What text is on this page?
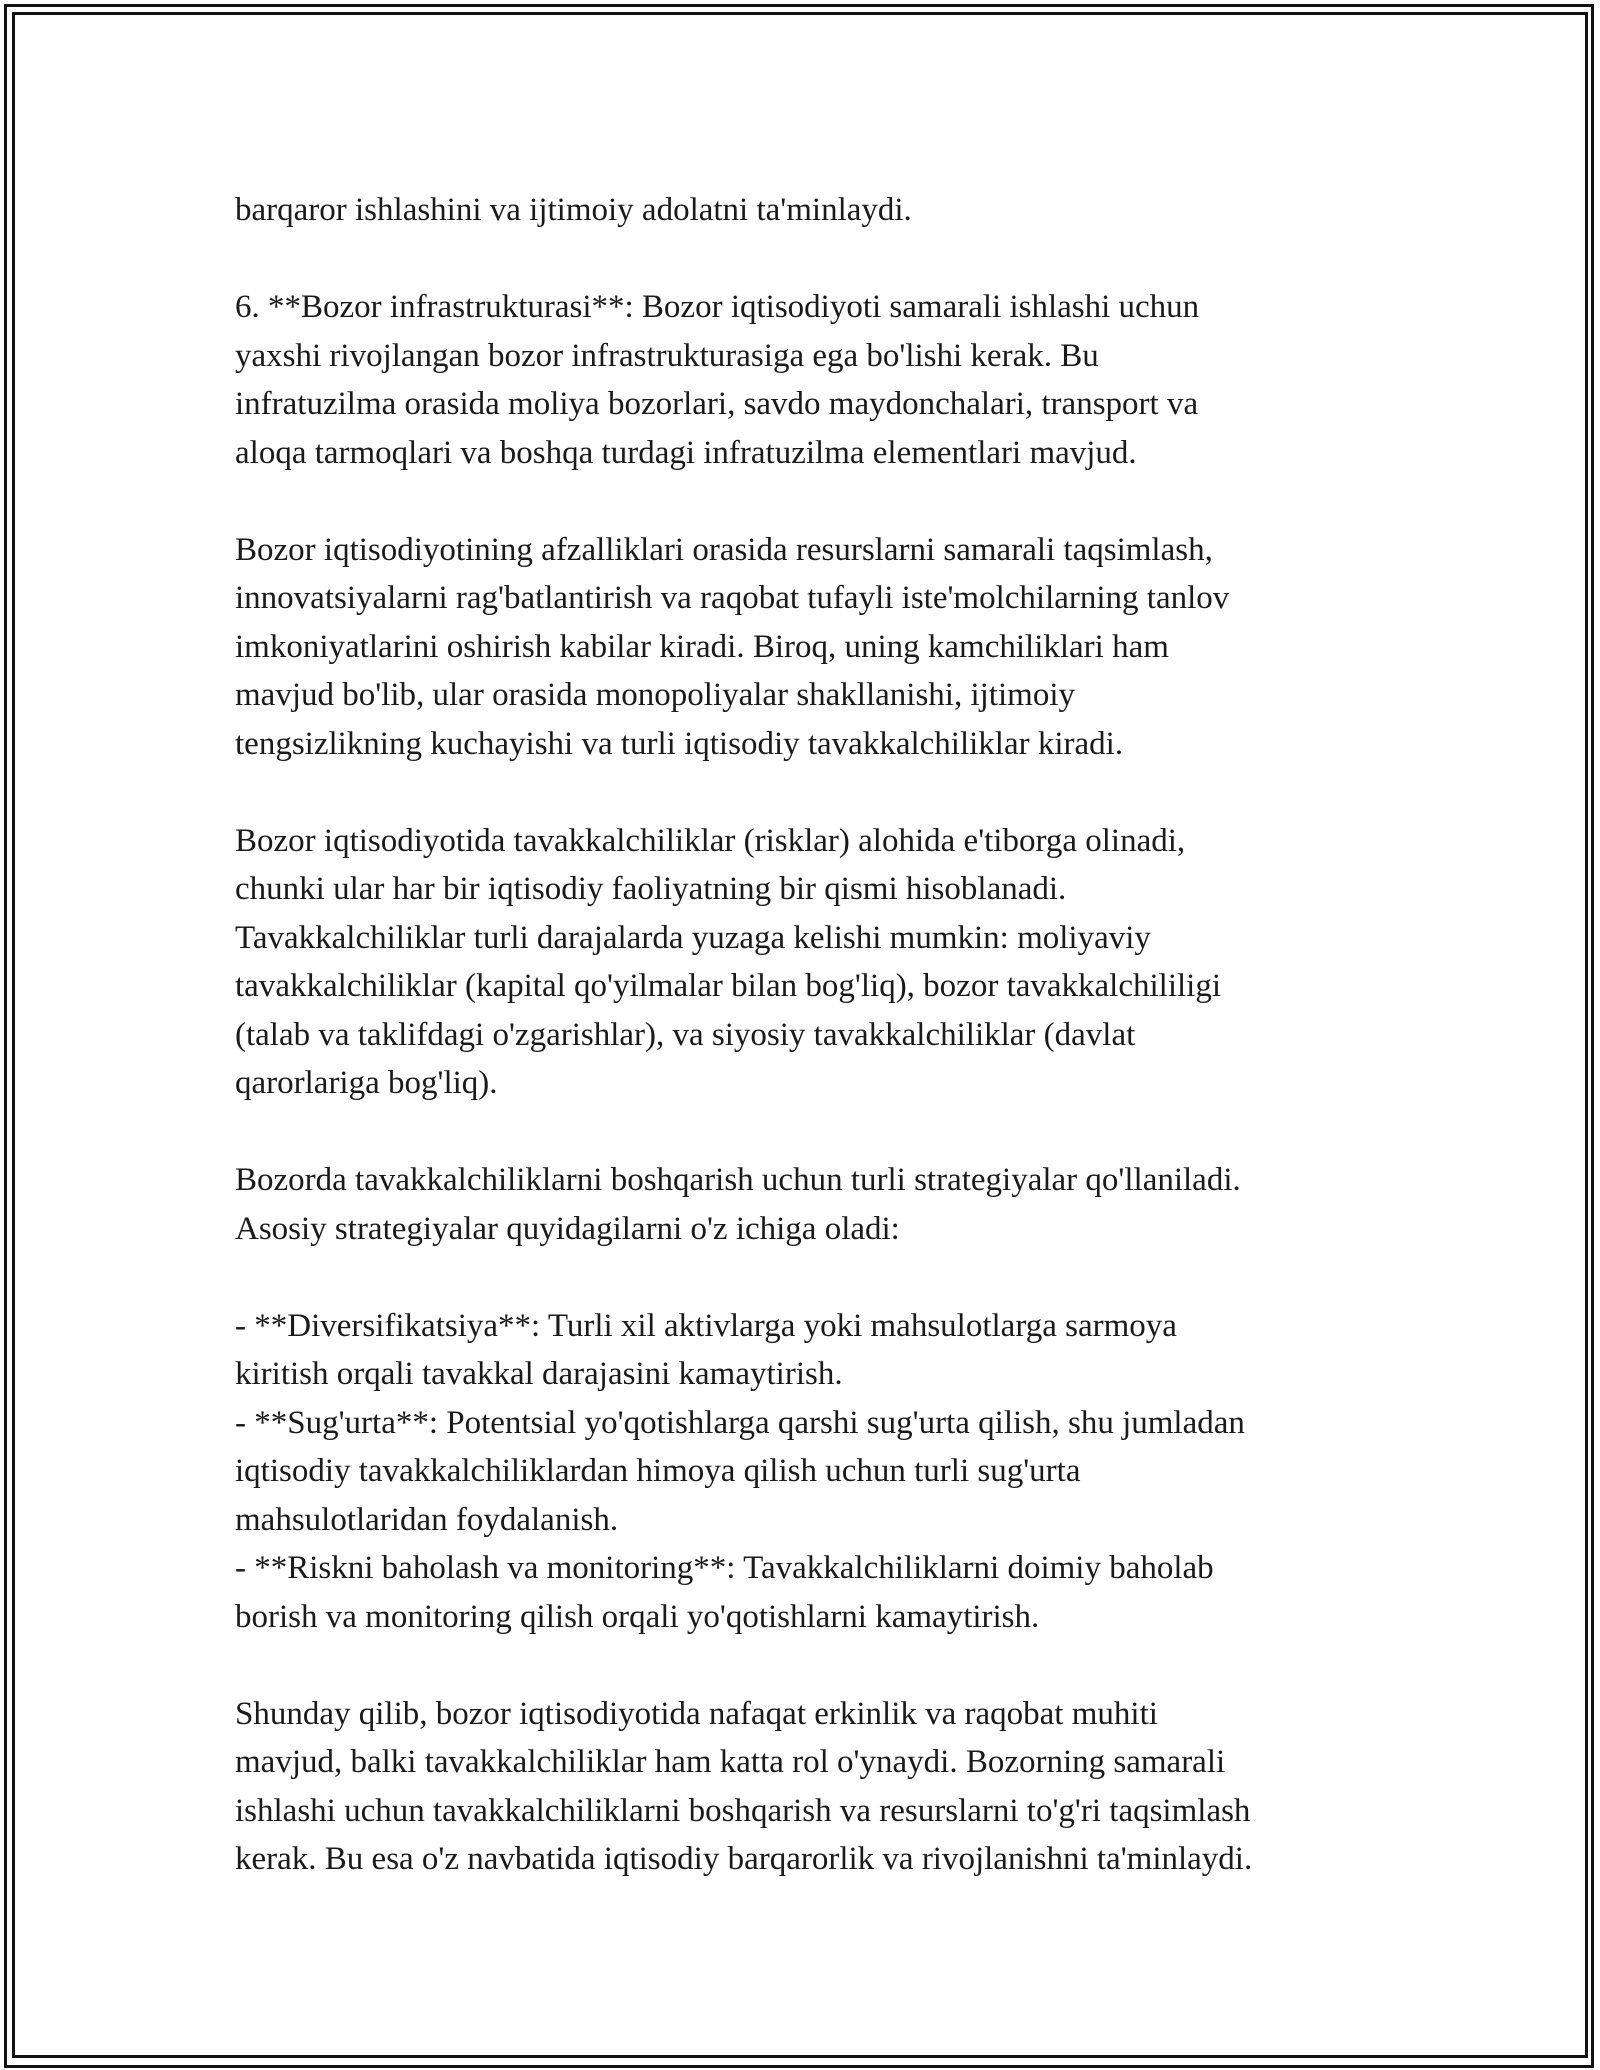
barqaror ishlashini va ijtimoiy adolatni ta'minlaydi.

6. **Bozor infrastrukturasi**: Bozor iqtisodiyoti samarali ishlashi uchun
yaxshi rivojlangan bozor infrastrukturasiga ega bo'lishi kerak. Bu
infratuzilma orasida moliya bozorlari, savdo maydonchalari, transport va
aloqa tarmoqlari va boshqa turdagi infratuzilma elementlari mavjud.

Bozor iqtisodiyotining afzalliklari orasida resurslarni samarali taqsimlash,
innovatsiyalarni rag'batlantirish va raqobat tufayli iste'molchilarning tanlov
imkoniyatlarini oshirish kabilar kiradi. Biroq, uning kamchiliklari ham
mavjud bo'lib, ular orasida monopoliyalar shakllanishi, ijtimoiy
tengsizlikning kuchayishi va turli iqtisodiy tavakkalchiliklar kiradi.

Bozor iqtisodiyotida tavakkalchiliklar (risklar) alohida e'tiborga olinadi,
chunki ular har bir iqtisodiy faoliyatning bir qismi hisoblanadi.
Tavakkalchiliklar turli darajalarda yuzaga kelishi mumkin: moliyaviy
tavakkalchiliklar (kapital qo'yilmalar bilan bog'liq), bozor tavakkalchililigi
(talab va taklifdagi o'zgarishlar), va siyosiy tavakkalchiliklar (davlat
qarorlariga bog'liq).

Bozorda tavakkalchiliklarni boshqarish uchun turli strategiyalar qo'llaniladi.
Asosiy strategiyalar quyidagilarni o'z ichiga oladi:

- **Diversifikatsiya**: Turli xil aktivlarga yoki mahsulotlarga sarmoya
kiritish orqali tavakkal darajasini kamaytirish.
- **Sug'urta**: Potentsial yo'qotishlarga qarshi sug'urta qilish, shu jumladan
iqtisodiy tavakkalchiliklardan himoya qilish uchun turli sug'urta
mahsulotlaridan foydalanish.
- **Riskni baholash va monitoring**: Tavakkalchiliklarni doimiy baholab
borish va monitoring qilish orqali yo'qotishlarni kamaytirish.

Shunday qilib, bozor iqtisodiyotida nafaqat erkinlik va raqobat muhiti
mavjud, balki tavakkalchiliklar ham katta rol o'ynaydi. Bozorning samarali
ishlashi uchun tavakkalchiliklarni boshqarish va resurslarni to'g'ri taqsimlash
kerak. Bu esa o'z navbatida iqtisodiy barqarorlik va rivojlanishni ta'minlaydi.
